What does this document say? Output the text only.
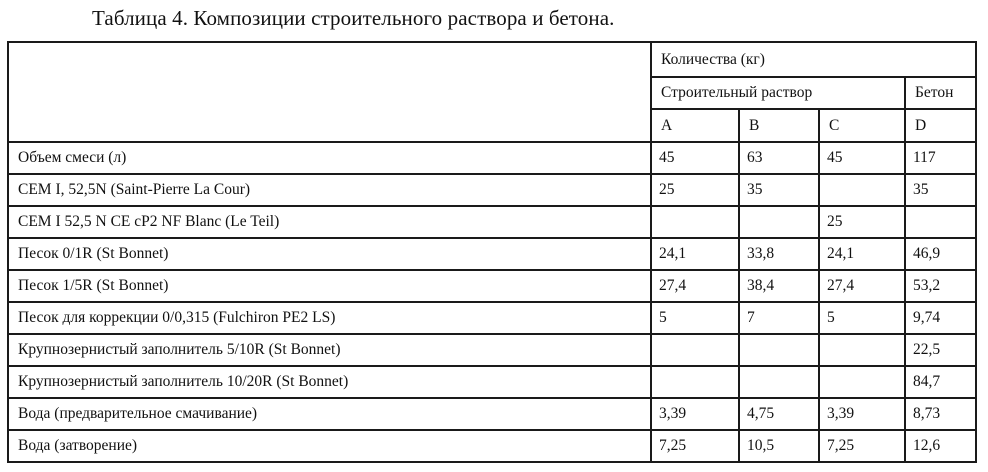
Таблица 4. Композиции строительного раствора и бетона.
	Количества (кг)			
	Строительный раствор			Бетон
	A	B	C	D
Объем смеси (л)	45	63	45	117
CEM I, 52,5N (Saint-Pierre La Cour)	25	35		35
CEM I 52,5 N CE cP2 NF Blanc (Le Teil)			25	
Песок 0/1R (St Bonnet)	24,1	33,8	24,1	46,9
Песок 1/5R (St Bonnet)	27,4	38,4	27,4	53,2
Песок для коррекции 0/0,315 (Fulchiron PE2 LS)	5	7	5	9,74
Крупнозернистый заполнитель 5/10R (St Bonnet)				22,5
Крупнозернистый заполнитель 10/20R (St Bonnet)				84,7
Вода (предварительное смачивание)	3,39	4,75	3,39	8,73
Вода (затворение)	7,25	10,5	7,25	12,6
